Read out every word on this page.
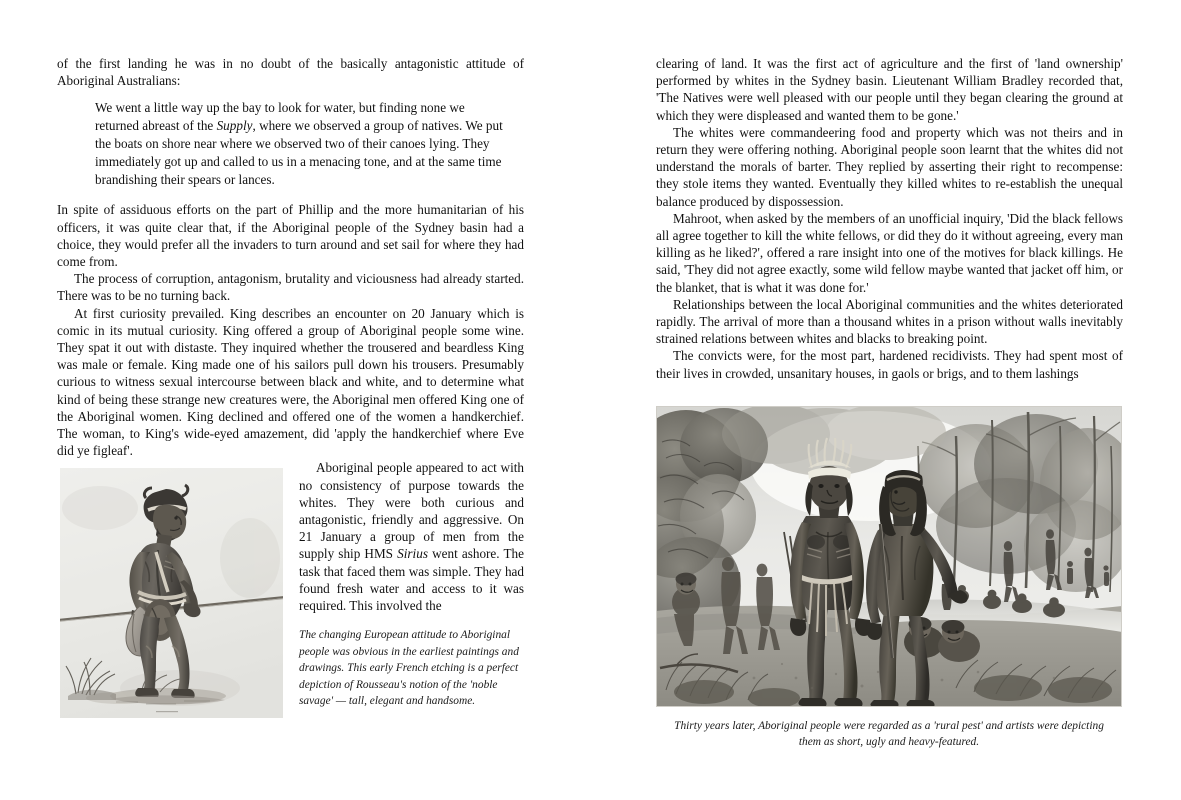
of the first landing he was in no doubt of the basically antagonistic attitude of Aboriginal Australians:

We went a little way up the bay to look for water, but finding none we returned abreast of the Supply, where we observed a group of natives. We put the boats on shore near where we observed two of their canoes lying. They immediately got up and called to us in a menacing tone, and at the same time brandishing their spears or lances.

In spite of assiduous efforts on the part of Phillip and the more humanitarian of his officers, it was quite clear that, if the Aboriginal people of the Sydney basin had a choice, they would prefer all the invaders to turn around and set sail for where they had come from.

The process of corruption, antagonism, brutality and viciousness had already started. There was to be no turning back.

At first curiosity prevailed. King describes an encounter on 20 January which is comic in its mutual curiosity. King offered a group of Aboriginal people some wine. They spat it out with distaste. They inquired whether the trousered and beardless King was male or female. King made one of his sailors pull down his trousers. Presumably curious to witness sexual intercourse between black and white, and to determine what kind of being these strange new creatures were, the Aboriginal men offered King one of the Aboriginal women. King declined and offered one of the women a handkerchief. The woman, to King's wide-eyed amazement, did 'apply the handkerchief where Eve did ye figleaf'.

Aboriginal people appeared to act with no consistency of purpose towards the whites. They were both curious and antagonistic, friendly and aggressive. On 21 January a group of men from the supply ship HMS Sirius went ashore. The task that faced them was simple. They had found fresh water and access to it was required. This involved the

The changing European attitude to Aboriginal people was obvious in the earliest paintings and drawings. This early French etching is a perfect depiction of Rousseau's notion of the 'noble savage' — tall, elegant and handsome.

clearing of land. It was the first act of agriculture and the first of 'land ownership' performed by whites in the Sydney basin. Lieutenant William Bradley recorded that, 'The Natives were well pleased with our people until they began clearing the ground at which they were displeased and wanted them to be gone.'

The whites were commandeering food and property which was not theirs and in return they were offering nothing. Aboriginal people soon learnt that the whites did not understand the morals of barter. They replied by asserting their right to recompense: they stole items they wanted. Eventually they killed whites to re-establish the unequal balance produced by dispossession.

Mahroot, when asked by the members of an unofficial inquiry, 'Did the black fellows all agree together to kill the white fellows, or did they do it without agreeing, every man killing as he liked?', offered a rare insight into one of the motives for black killings. He said, 'They did not agree exactly, some wild fellow maybe wanted that jacket off him, or the blanket, that is what it was done for.'

Relationships between the local Aboriginal communities and the whites deteriorated rapidly. The arrival of more than a thousand whites in a prison without walls inevitably strained relations between whites and blacks to breaking point.

The convicts were, for the most part, hardened recidivists. They had spent most of their lives in crowded, unsanitary houses, in gaols or brigs, and to them lashings

Thirty years later, Aboriginal people were regarded as a 'rural pest' and artists were depicting them as short, ugly and heavy-featured.
